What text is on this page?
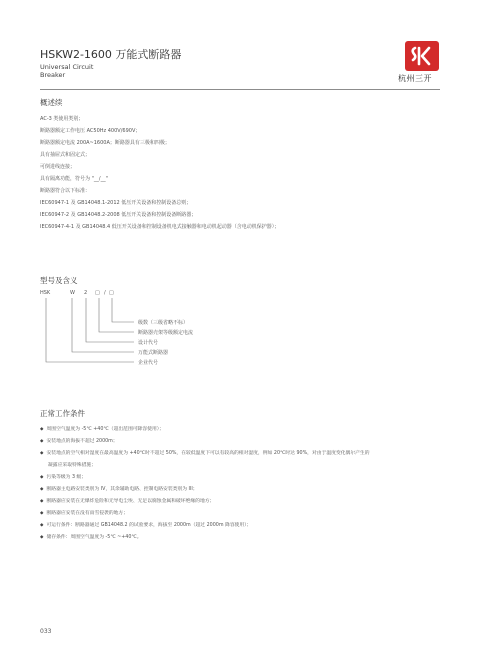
HSKW2-1600 万能式断路器
Universal Circuit
Breaker	杭州三开
概述续
AC-3 类使用类别；
断路器额定工作电压 AC50Hz 400V/690V；
断路器额定电流 200A~1600A；断路器具有三极和四极；
具有抽屉式和固定式；
可倒进线连接；
具有隔离功能，符号为 "__/__"
断路器符合以下标准：
IEC60947-1 及 GB14048.1-2012 低压开关设备和控制设备总则；
IEC60947-2 及 GB14048.2-2008 低压开关设备和控制设备断路器；
IEC60947-4-1 及 GB14048.4 低压开关设备和控制设备机电式接触器和电动机起动器（含电动机保护器）；
型号及含义
HSK	W 2 □ / □
级数（三级省略不标）
断路器壳架等级额定电流
设计代号
万能式断路器
企业代号
正常工作条件
◆ 周围空气温度为 -5℃ +40℃（超出范围可降容使用）；
◆ 安装地点的海拔不超过 2000m；
◆ 安装地点的空气相对湿度在最高温度为 +40℃时不超过 50%，在较低温度下可以有较高的相对湿度，例如 20℃时达 90%，对由于温度变化偶尔产生的
凝露应采取特殊措施；
◆ 污染等级为 3 级；
◆ 断路器主电路安装类别为 IV，其余辅助电路、控制电路安装类别为 III；
◆ 断路器应安装在无爆炸危险和无导电尘埃、无足以腐蚀金属和破坏绝缘的地方；
◆ 断路器应安装在没有雨雪侵袭的地方；
◆ 可运行条件：断路器通过 GB14048.2 的试验要求，海拔至 2000m（超过 2000m 降容使用）；
◆ 储存条件：周围空气温度为 -5℃ ~+40℃。
033
